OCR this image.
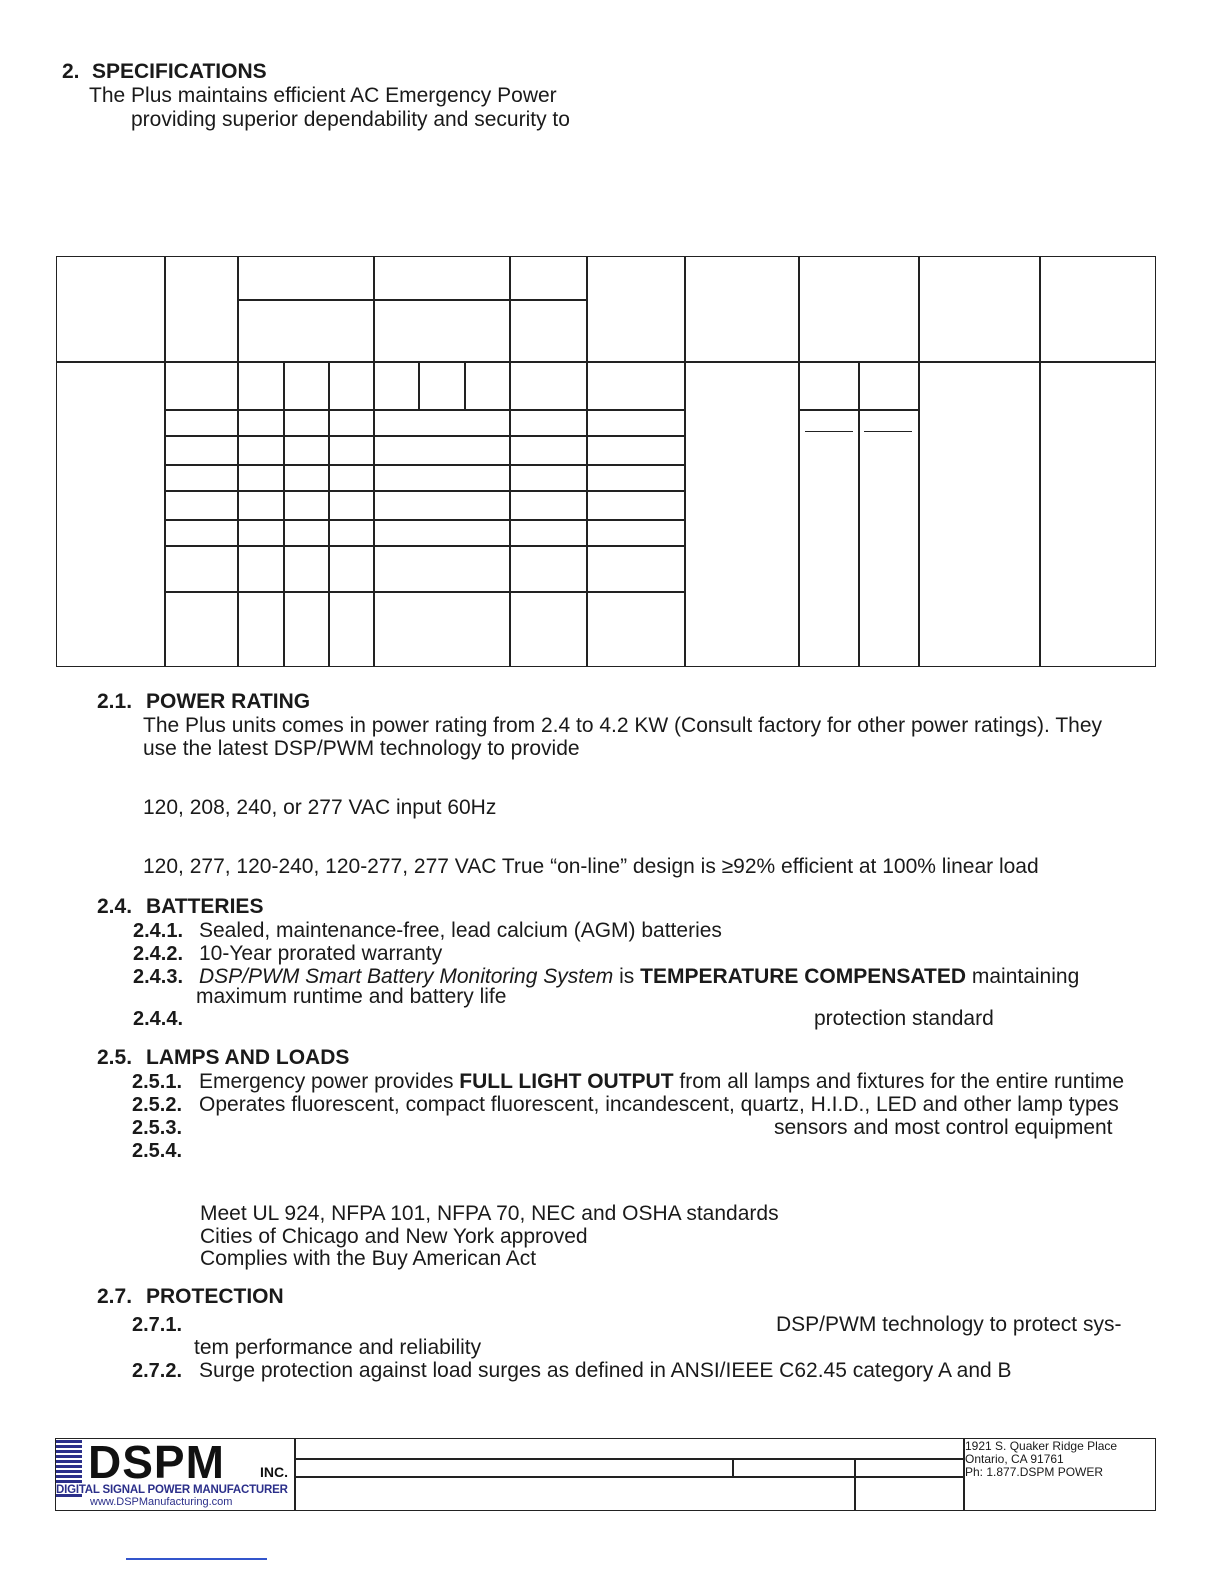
2. SPECIFICATIONS
The Plus maintains efficient AC Emergency Power
providing superior dependability and security to
2.1. POWER RATING
The Plus units comes in power rating from 2.4 to 4.2 KW (Consult factory for other power ratings). They
use the latest DSP/PWM technology to provide
120, 208, 240, or 277 VAC input 60Hz
120, 277, 120-240, 120-277, 277 VAC True “on-line” design is ≥92% efficient at 100% linear load
2.4. BATTERIES
2.4.1. Sealed, maintenance-free, lead calcium (AGM) batteries
2.4.2. 10-Year prorated warranty
2.4.3. DSP/PWM Smart Battery Monitoring System is TEMPERATURE COMPENSATED maintaining
maximum runtime and battery life
2.4.4.	protection standard
2.5. LAMPS AND LOADS
2.5.1. Emergency power provides FULL LIGHT OUTPUT from all lamps and fixtures for the entire runtime
2.5.2. Operates fluorescent, compact fluorescent, incandescent, quartz, H.I.D., LED and other lamp types
2.5.3.	sensors and most control equipment
2.5.4.
Meet UL 924, NFPA 101, NFPA 70, NEC and OSHA standards
Cities of Chicago and New York approved
Complies with the Buy American Act
2.7. PROTECTION
2.7.1.	DSP/PWM technology to protect sys-
tem performance and reliability
2.7.2. Surge protection against load surges as defined in ANSI/IEEE C62.45 category A and B
DSPM	INC.
DIGITAL SIGNAL POWER MANUFACTURER
www.DSPManufacturing.com
1921 S. Quaker Ridge Place
Ontario, CA 91761
Ph: 1.877.DSPM POWER
